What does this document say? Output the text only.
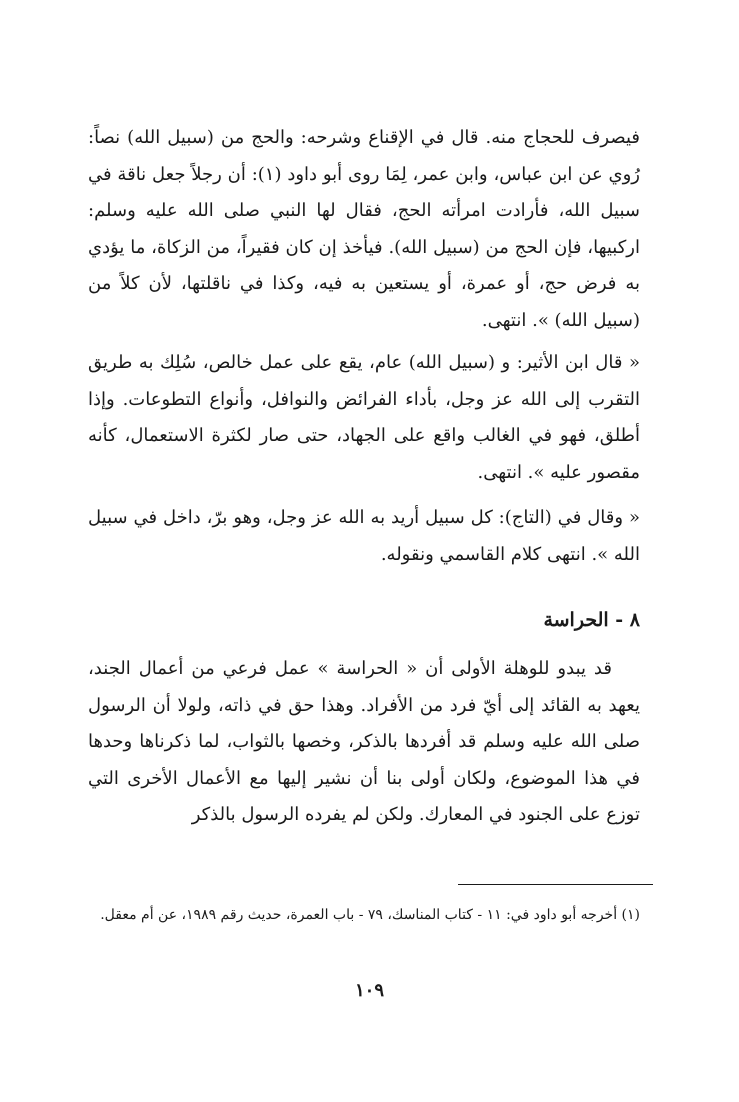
فيصرف للحجاج منه. قال في الإقناع وشرحه: والحج من (سبيل الله) نصاً: رُوي عن ابن عباس، وابن عمر، لِمَا روى أبو داود (١): أن رجلاً جعل ناقة في سبيل الله، فأرادت امرأته الحج، فقال لها النبي صلى الله عليه وسلم: اركبيها، فإن الحج من (سبيل الله). فيأخذ إن كان فقيراً، من الزكاة، ما يؤدي به فرض حج، أو عمرة، أو يستعين به فيه، وكذا في ناقلتها، لأن كلاً من (سبيل الله) ». انتهى.

« قال ابن الأثير: و (سبيل الله) عام، يقع على عمل خالص، سُلِك به طريق التقرب إلى الله عز وجل، بأداء الفرائض والنوافل، وأنواع التطوعات. وإذا أطلق، فهو في الغالب واقع على الجهاد، حتى صار لكثرة الاستعمال، كأنه مقصور عليه ». انتهى.

« وقال في (التاج): كل سبيل أريد به الله عز وجل، وهو برّ، داخل في سبيل الله ». انتهى كلام القاسمي ونقوله.

٨ - الحراسة

قد يبدو للوهلة الأولى أن « الحراسة » عمل فرعي من أعمال الجند، يعهد به القائد إلى أيّ فرد من الأفراد. وهذا حق في ذاته، ولولا أن الرسول صلى الله عليه وسلم قد أفردها بالذكر، وخصها بالثواب، لما ذكرناها وحدها في هذا الموضوع، ولكان أولى بنا أن نشير إليها مع الأعمال الأخرى التي توزع على الجنود في المعارك. ولكن لم يفرده الرسول بالذكر

(١) أخرجه أبو داود في: ١١ - كتاب المناسك، ٧٩ - باب العمرة، حديث رقم ١٩٨٩، عن أم معقل.

١٠٩
